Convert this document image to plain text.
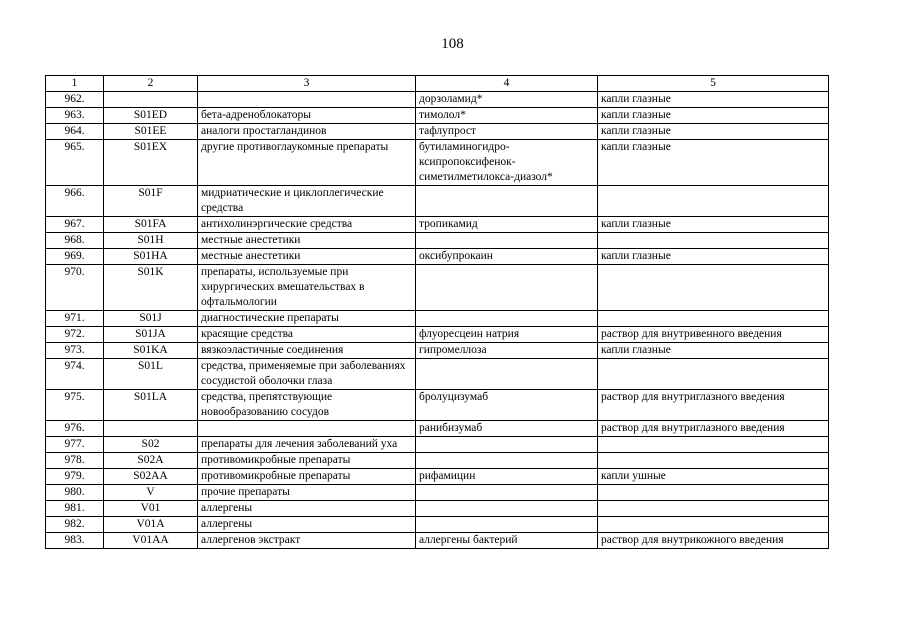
108
1	2	3	4	5
962.			дорзоламид*	капли глазные
963.	S01ED	бета-адреноблокаторы	тимолол*	капли глазные
964.	S01EE	аналоги простагландинов	тафлупрост	капли глазные
965.	S01EX	другие противоглаукомные препараты	бутиламиногидро-ксипропоксифенок-симетилметилокса-диазол*	капли глазные
966.	S01F	мидриатические и циклоплегические средства		
967.	S01FA	антихолинэргические средства	тропикамид	капли глазные
968.	S01H	местные анестетики		
969.	S01HA	местные анестетики	оксибупрокаин	капли глазные
970.	S01K	препараты, используемые при хирургических вмешательствах в офтальмологии		
971.	S01J	диагностические препараты		
972.	S01JA	красящие средства	флуоресцеин натрия	раствор для внутривенного введения
973.	S01KA	вязкоэластичные соединения	гипромеллоза	капли глазные
974.	S01L	средства, применяемые при заболеваниях сосудистой оболочки глаза		
975.	S01LA	средства, препятствующие новообразованию сосудов	бролуцизумаб	раствор для внутриглазного введения
976.			ранибизумаб	раствор для внутриглазного введения
977.	S02	препараты для лечения заболеваний уха		
978.	S02A	противомикробные препараты		
979.	S02AA	противомикробные препараты	рифамицин	капли ушные
980.	V	прочие препараты		
981.	V01	аллергены		
982.	V01A	аллергены		
983.	V01AA	аллергенов экстракт	аллергены бактерий	раствор для внутрикожного введения
